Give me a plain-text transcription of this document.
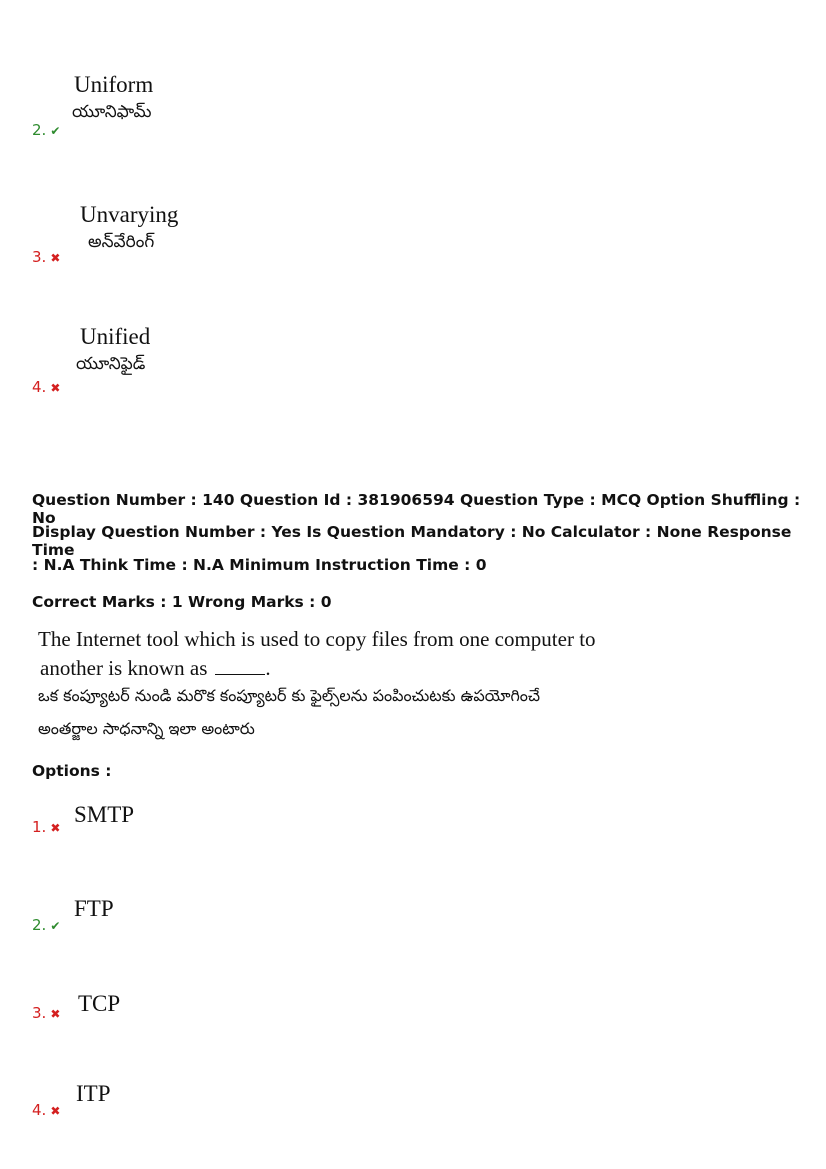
Uniform
యూనిఫామ్
2. ✔
Unvarying
అన్‌వేరింగ్
3. ✖
Unified
యూనిఫైడ్
4. ✖
Question Number : 140 Question Id : 381906594 Question Type : MCQ Option Shuffling : No
Display Question Number : Yes Is Question Mandatory : No Calculator : None Response Time
: N.A Think Time : N.A Minimum Instruction Time : 0
Correct Marks : 1 Wrong Marks : 0
The Internet tool which is used to copy files from one computer to
another is known as	.
ఒక కంప్యూటర్ నుండి మరొక కంప్యూటర్ కు ఫైల్స్‌లను పంపించుటకు ఉపయోగించే
అంతర్జాల సాధనాన్ని ఇలా అంటారు
Options :
SMTP
1. ✖
FTP
2. ✔
TCP
3. ✖
ITP
4. ✖
